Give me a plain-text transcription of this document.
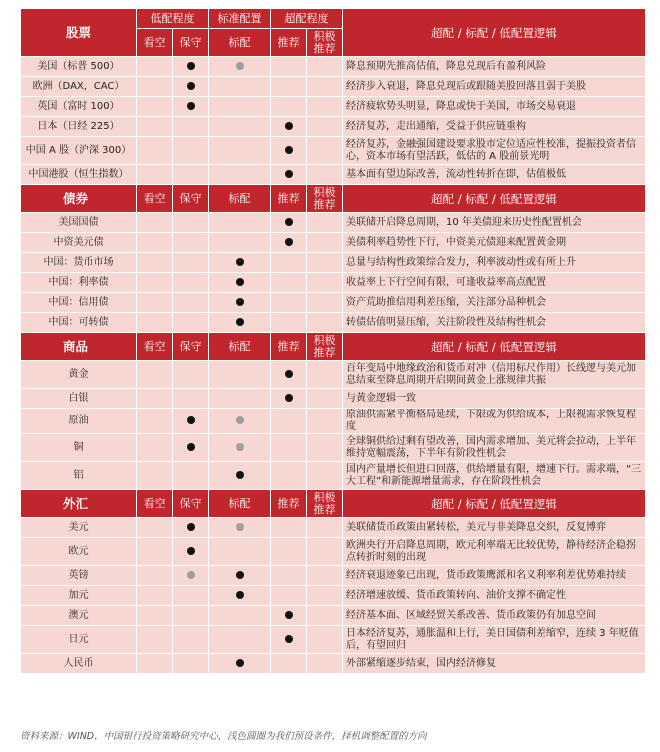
股票	低配程度		标准配置	超配程度		超配 / 标配 / 低配置逻辑
	看空	保守	标配	推荐	积极推荐	
美国（标普 500）						降息预期先推高估值，降息兑现后有盈利风险
欧洲（DAX，CAC）						经济步入衰退，降息兑现后或跟随美股回落且弱于美股
英国（富时 100）						经济疲软势头明显，降息或快于美国，市场交易衰退
日本（日经 225）						经济复苏，走出通缩，受益于供应链重构
中国 A 股（沪深 300）						经济复苏，金融强国建设要求股市定位适应性校准，提振投资者信心，资本市场有望活跃，低估的 A 股前景光明
中国港股（恒生指数）						基本面有望边际改善，流动性转折在即，估值极低
债券	看空	保守	标配	推荐	积极推荐	超配 / 标配 / 低配置逻辑
美国国债						美联储开启降息周期，10 年美债迎来历史性配置机会
中资美元债						美债利率趋势性下行，中资美元债迎来配置黄金期
中国：货币市场						总量与结构性政策综合发力，利率波动性或有所上升
中国：利率债						收益率上下行空间有限，可逢收益率高点配置
中国：信用债						资产荒助推信用利差压缩，关注部分品种机会
中国：可转债						转债估值明显压缩，关注阶段性及结构性机会
商品	看空	保守	标配	推荐	积极推荐	超配 / 标配 / 低配置逻辑
黄金						百年变局中地缘政治和货币对冲（信用标尺作用）长线逻与美元加息结束至降息周期开启期间黄金上涨规律共振
白银						与黄金逻辑一致
原油						原油供需紧平衡格局延续，下限或为供给成本，上限视需求恢复程度
铜						全球铜供给过剩有望改善，国内需求增加、美元将会拉动，上半年维持宽幅震荡，下半年有阶段性机会
铝						国内产量增长但进口回落，供给增量有限，增速下行。需求端，“三大工程”和新能源增量需求，存在阶段性机会
外汇	看空	保守	标配	推荐	积极推荐	超配 / 标配 / 低配置逻辑
美元						美联储货币政策由紧转松，美元与非美降息交织，反复博弈
欧元						欧洲央行开启降息周期，欧元利率端无比较优势，静待经济企稳拐点转折时刻的出现
英镑						经济衰退迹象已出现，货币政策鹰派和名义利率利差优势难持续
加元						经济增速放缓、货币政策转向、油价支撑不确定性
澳元						经济基本面、区域经贸关系改善、货币政策仍有加息空间
日元						日本经济复苏，通胀温和上行，美日国债利差缩窄，连续 3 年贬值后，有望回归
人民币						外部紧缩逐步结束，国内经济修复
资料来源：WIND，中国银行投资策略研究中心，浅色圆圈为我们预设条件，择机调整配置的方向
